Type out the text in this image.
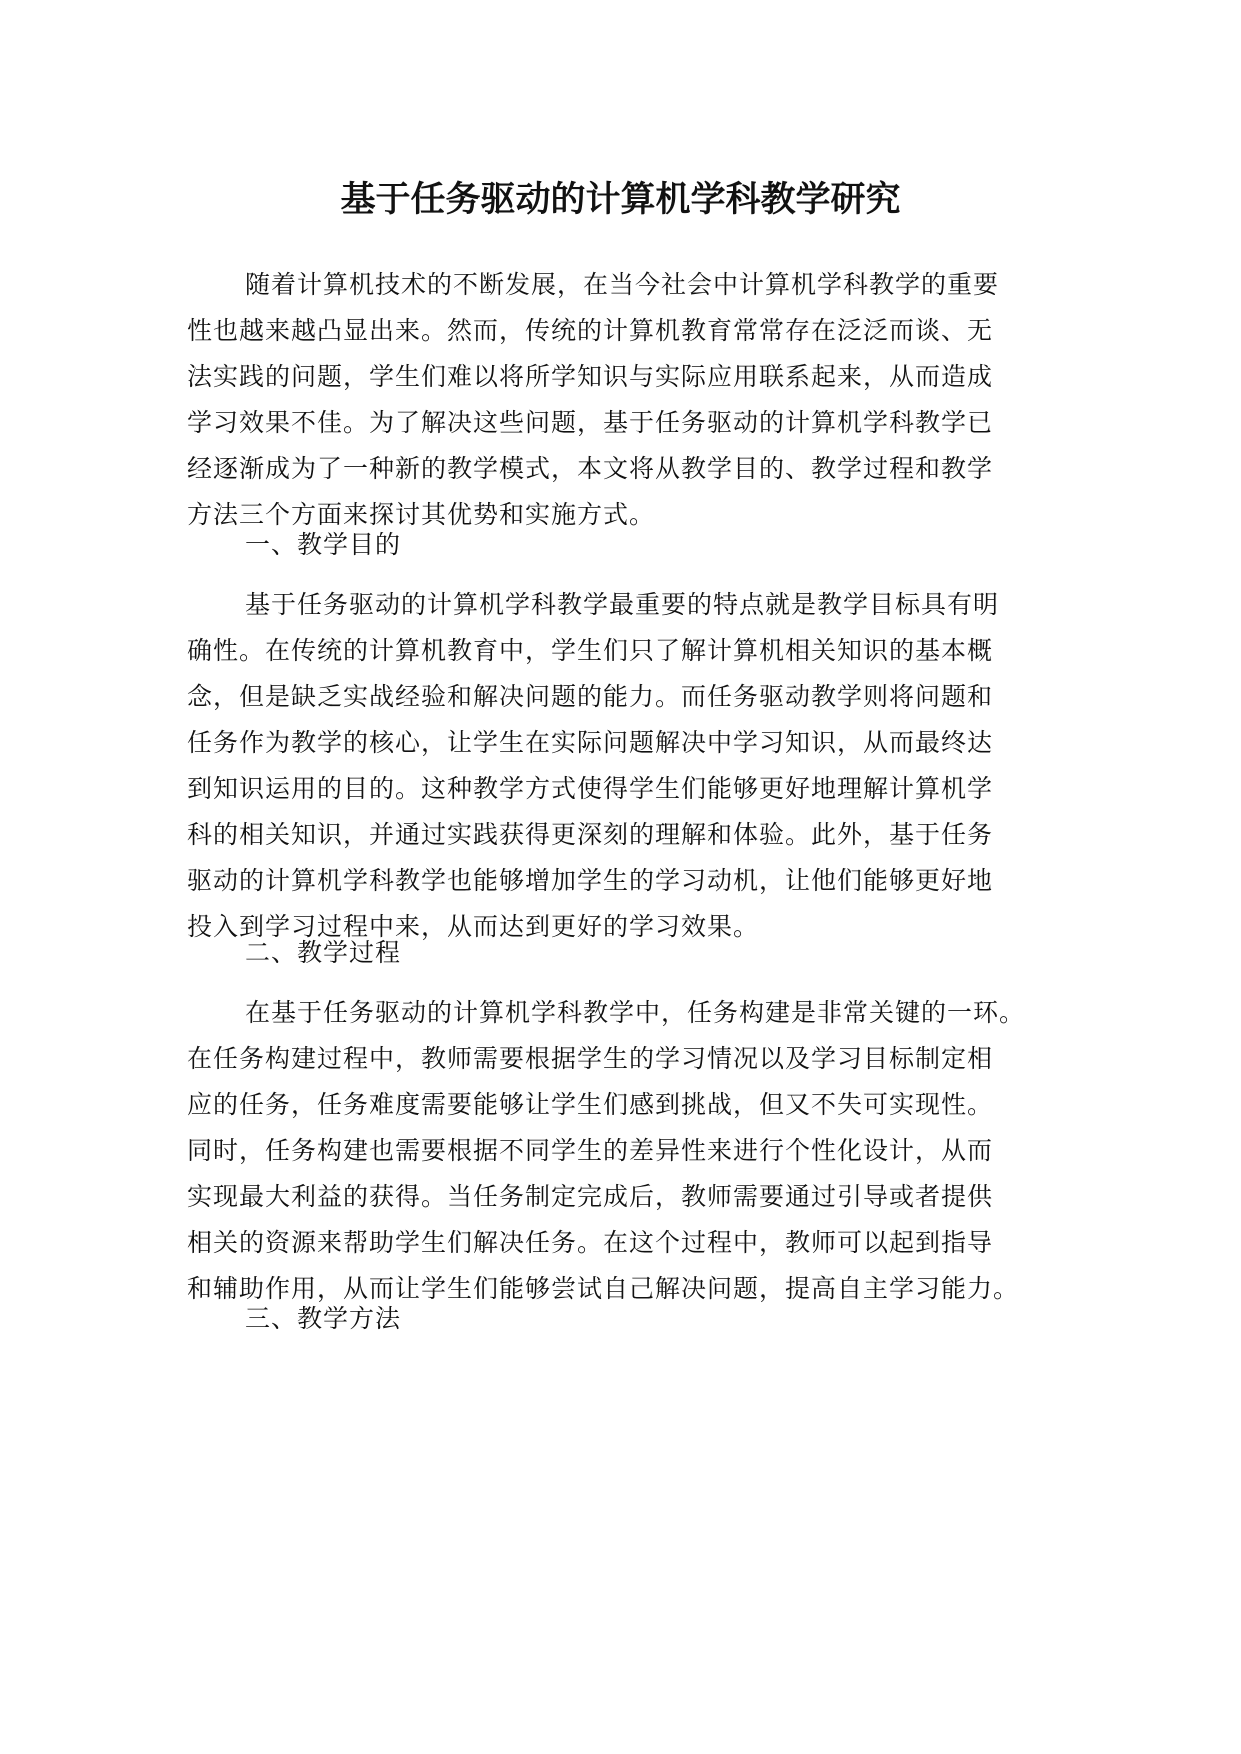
基于任务驱动的计算机学科教学研究

随着计算机技术的不断发展，在当今社会中计算机学科教学的重要
性也越来越凸显出来。然而，传统的计算机教育常常存在泛泛而谈、无
法实践的问题，学生们难以将所学知识与实际应用联系起来，从而造成
学习效果不佳。为了解决这些问题，基于任务驱动的计算机学科教学已
经逐渐成为了一种新的教学模式，本文将从教学目的、教学过程和教学
方法三个方面来探讨其优势和实施方式。

一、教学目的

基于任务驱动的计算机学科教学最重要的特点就是教学目标具有明
确性。在传统的计算机教育中，学生们只了解计算机相关知识的基本概
念，但是缺乏实战经验和解决问题的能力。而任务驱动教学则将问题和
任务作为教学的核心，让学生在实际问题解决中学习知识，从而最终达
到知识运用的目的。这种教学方式使得学生们能够更好地理解计算机学
科的相关知识，并通过实践获得更深刻的理解和体验。此外，基于任务
驱动的计算机学科教学也能够增加学生的学习动机，让他们能够更好地
投入到学习过程中来，从而达到更好的学习效果。

二、教学过程

在基于任务驱动的计算机学科教学中，任务构建是非常关键的一环。
在任务构建过程中，教师需要根据学生的学习情况以及学习目标制定相
应的任务，任务难度需要能够让学生们感到挑战，但又不失可实现性。
同时，任务构建也需要根据不同学生的差异性来进行个性化设计，从而
实现最大利益的获得。当任务制定完成后，教师需要通过引导或者提供
相关的资源来帮助学生们解决任务。在这个过程中，教师可以起到指导
和辅助作用，从而让学生们能够尝试自己解决问题，提高自主学习能力。

三、教学方法
